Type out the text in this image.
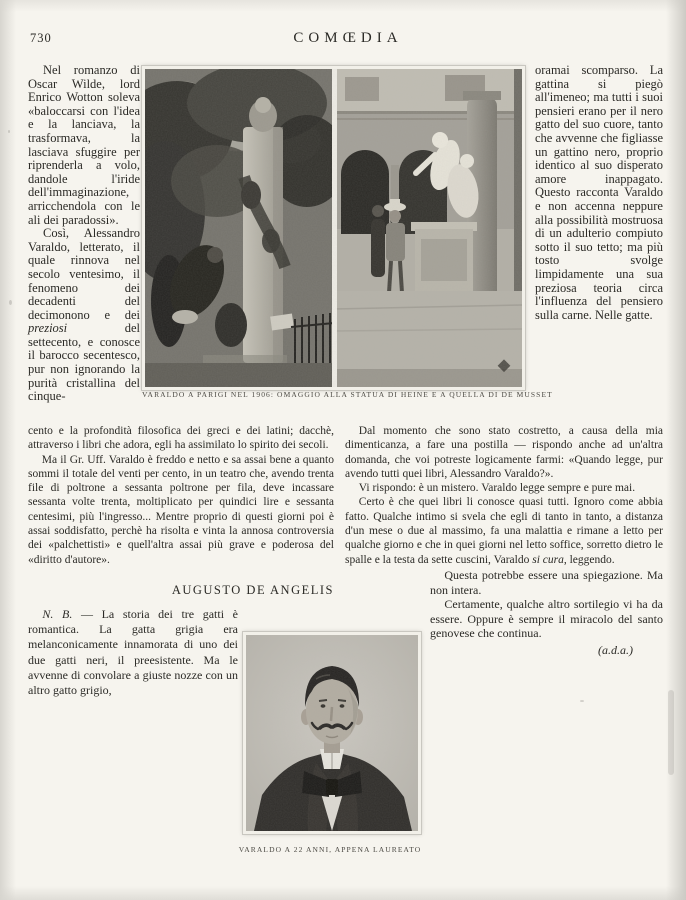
730	COMŒDIA
VARALDO A PARIGI NEL 1906: OMAGGIO ALLA STATUA DI HEINE E A QUELLA DI DE MUSSET

Nel romanzo di Oscar Wilde, lord Enrico Wotton soleva «baloccarsi con l'idea e la lanciava, la trasformava, la lasciava sfuggire per riprenderla a volo, dandole l'iride dell'immaginazione, arricchendola con le ali dei paradossi».

Così, Alessandro Varaldo, letterato, il quale rinnova nel secolo ventesimo, il fenomeno dei decadenti del decimonono e dei preziosi del settecento, e conosce il barocco secentesco, pur non ignorando la purità cristallina del cinque-

oramai scomparso. La gattina si piegò all'imeneo; ma tutti i suoi pensieri erano per il nero gatto del suo cuore, tanto che avvenne che figliasse un gattino nero, proprio identico al suo disperato amore inappagato. Questo racconta Varaldo e non accenna neppure alla possibilità mostruosa di un adulterio compiuto sotto il suo tetto; ma più tosto svolge limpidamente una sua preziosa teoria circa l'influenza del pensiero sulla carne. Nelle gatte.

cento e la profondità filosofica dei greci e dei latini; dacchè, attraverso i libri che adora, egli ha assimilato lo spirito dei secoli.

Ma il Gr. Uff. Varaldo è freddo e netto e sa assai bene a quanto sommi il totale del venti per cento, in un teatro che, avendo trenta file di poltrone a sessanta poltrone per fila, deve incassare sessanta volte trenta, moltiplicato per quindici lire e sessanta centesimi, più l'ingresso... Mentre proprio di questi giorni poi è assai soddisfatto, perchè ha risolta e vinta la annosa controversia dei «palchettisti» e quell'altra assai più grave e poderosa del «diritto d'autore».

AUGUSTO DE ANGELIS

N. B. — La storia dei tre gatti è romantica. La gatta grigia era melanconicamente innamorata di uno dei due gatti neri, il preesistente. Ma le avvenne di convolare a giuste nozze con un altro gatto grigio,

Dal momento che sono stato costretto, a causa della mia dimenticanza, a fare una postilla — rispondo anche ad un'altra domanda, che voi potreste logicamente farmi: «Quando legge, pur avendo tutti quei libri, Alessandro Varaldo?».

Vi rispondo: è un mistero. Varaldo legge sempre e pure mai.

Certo è che quei libri li conosce quasi tutti. Ignoro come abbia fatto. Qualche intimo si svela che egli di tanto in tanto, a distanza d'un mese o due al massimo, fa una malattia e rimane a letto per qualche giorno e che in quei giorni nel letto soffice, sorretto dietro le spalle e la testa da sette cuscini, Varaldo si cura, leggendo.

Questa potrebbe essere una spiegazione. Ma non intera.

Certamente, qualche altro sortilegio vi ha da essere. Oppure è sempre il miracolo del santo genovese che continua.

(a.d.a.)
VARALDO A 22 ANNI, APPENA LAUREATO
